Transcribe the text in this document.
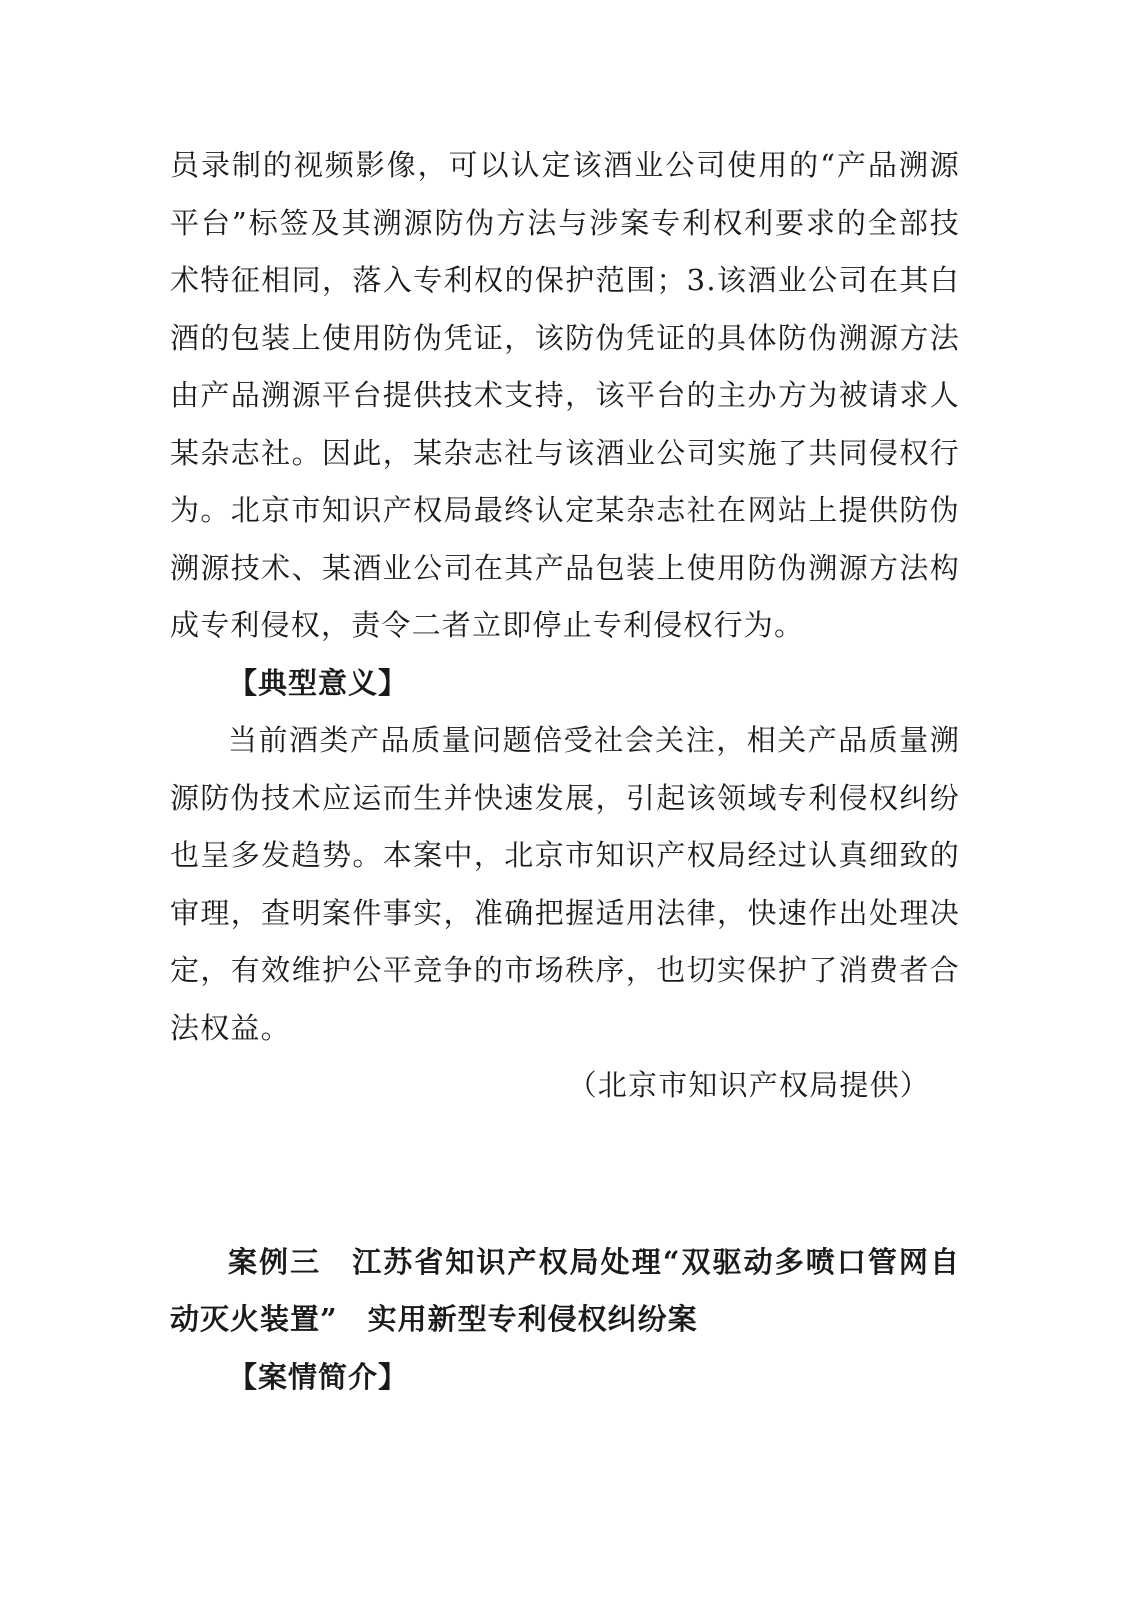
员录制的视频影像，可以认定该酒业公司使用的“产品溯源
平台”标签及其溯源防伪方法与涉案专利权利要求的全部技
术特征相同，落入专利权的保护范围；3.该酒业公司在其白
酒的包装上使用防伪凭证，该防伪凭证的具体防伪溯源方法
由产品溯源平台提供技术支持，该平台的主办方为被请求人
某杂志社。因此，某杂志社与该酒业公司实施了共同侵权行
为。北京市知识产权局最终认定某杂志社在网站上提供防伪
溯源技术、某酒业公司在其产品包装上使用防伪溯源方法构
成专利侵权，责令二者立即停止专利侵权行为。
【典型意义】
当前酒类产品质量问题倍受社会关注，相关产品质量溯
源防伪技术应运而生并快速发展，引起该领域专利侵权纠纷
也呈多发趋势。本案中，北京市知识产权局经过认真细致的
审理，查明案件事实，准确把握适用法律，快速作出处理决
定，有效维护公平竞争的市场秩序，也切实保护了消费者合
法权益。
（北京市知识产权局提供）
案例三　江苏省知识产权局处理“双驱动多喷口管网自
动灭火装置”　实用新型专利侵权纠纷案
【案情简介】
